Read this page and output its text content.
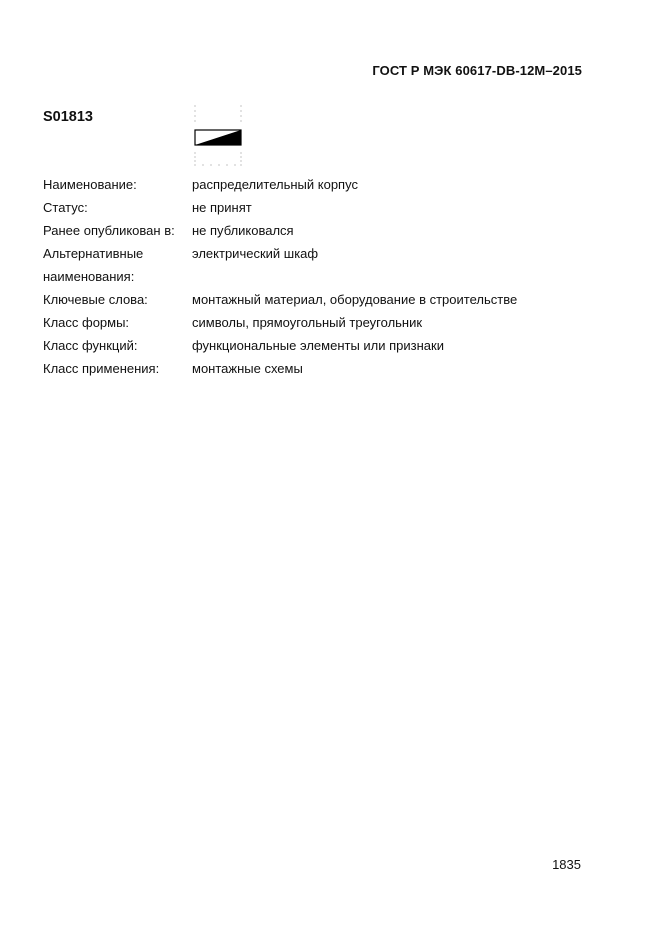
ГОСТ Р МЭК 60617-DB-12M–2015
S01813
Наименование:	распределительный корпус
Статус:	не принят
Ранее опубликован в:	не публиковался
Альтернативные	электрический шкаф
наименования:
Ключевые слова:	монтажный материал, оборудование в строительстве
Класс формы:	символы, прямоугольный треугольник
Класс функций:	функциональные элементы или признаки
Класс применения:	монтажные схемы
1835
